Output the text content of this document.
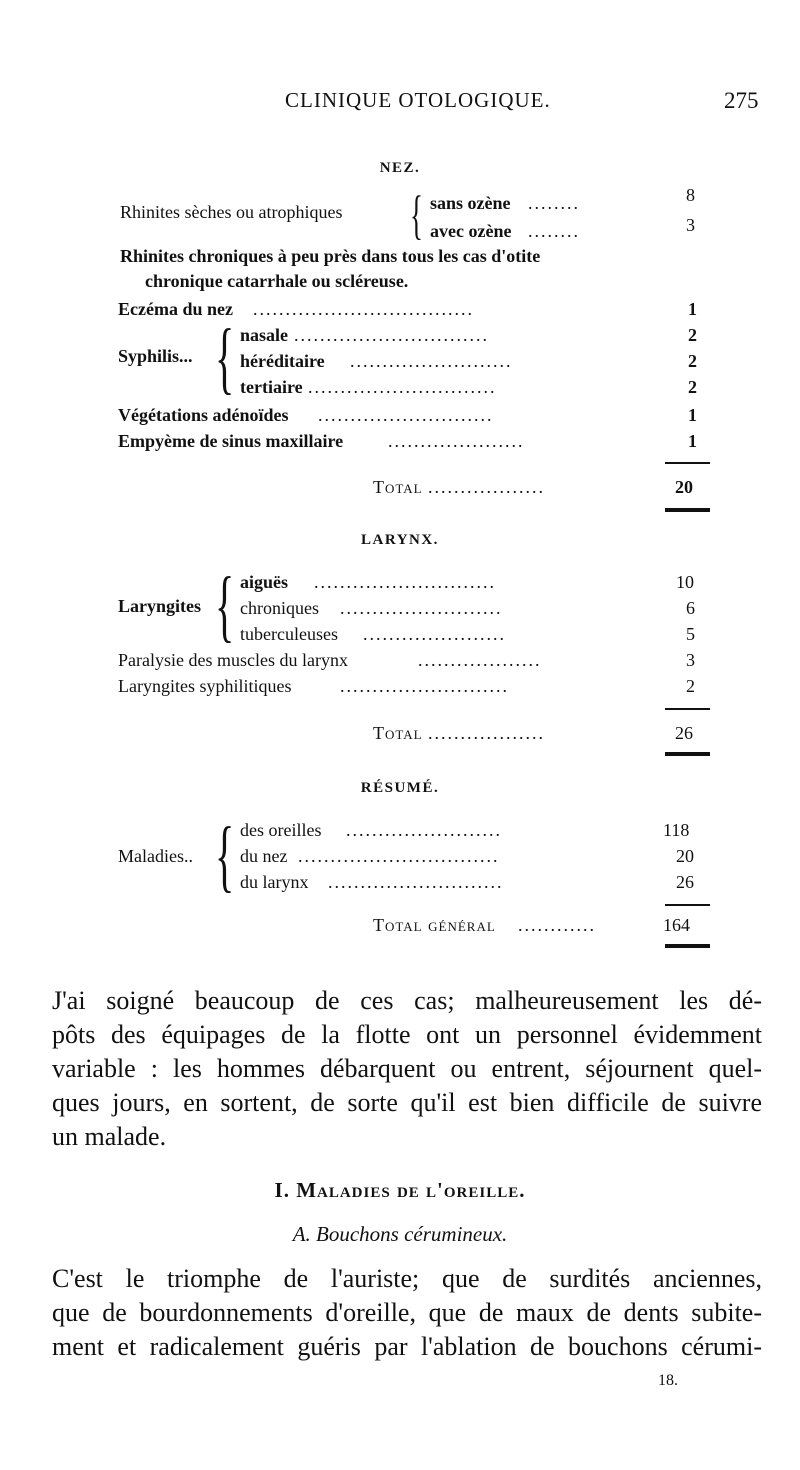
CLINIQUE OTOLOGIQUE.	275
NEZ.
Rhinites sèches ou atrophiques { sans ozène ........	8
avec ozène ........	3
Rhinites chroniques à peu près dans tous les cas d'otite
chronique catarrhale ou scléreuse.
Eczéma du nez ..................................	1
Syphilis... { nasale ..............................	2
héréditaire .........................	2
tertiaire .............................	2
Végétations adénoïdes ...........................	1
Empyème de sinus maxillaire .....................	1
Total ..................	20
LARYNX.
Laryngites { aiguës ............................	10
chroniques .........................	6
tuberculeuses ......................	5
Paralysie des muscles du larynx	...................	3
Laryngites syphilitiques	..........................	2
Total ..................	26
RÉSUMÉ.
Maladies.. { des oreilles ........................	118
du nez ...............................	20
du larynx ...........................	26
Total général ............	164
J'ai soigné beaucoup de ces cas; malheureusement les dé-
pôts des équipages de la flotte ont un personnel évidemment
variable : les hommes débarquent ou entrent, séjournent quel-
ques jours, en sortent, de sorte qu'il est bien difficile de suivre
un malade.
I. Maladies de l'oreille.
A. Bouchons cérumineux.
C'est le triomphe de l'auriste; que de surdités anciennes,
que de bourdonnements d'oreille, que de maux de dents subite-
ment et radicalement guéris par l'ablation de bouchons cérumi-
18.
